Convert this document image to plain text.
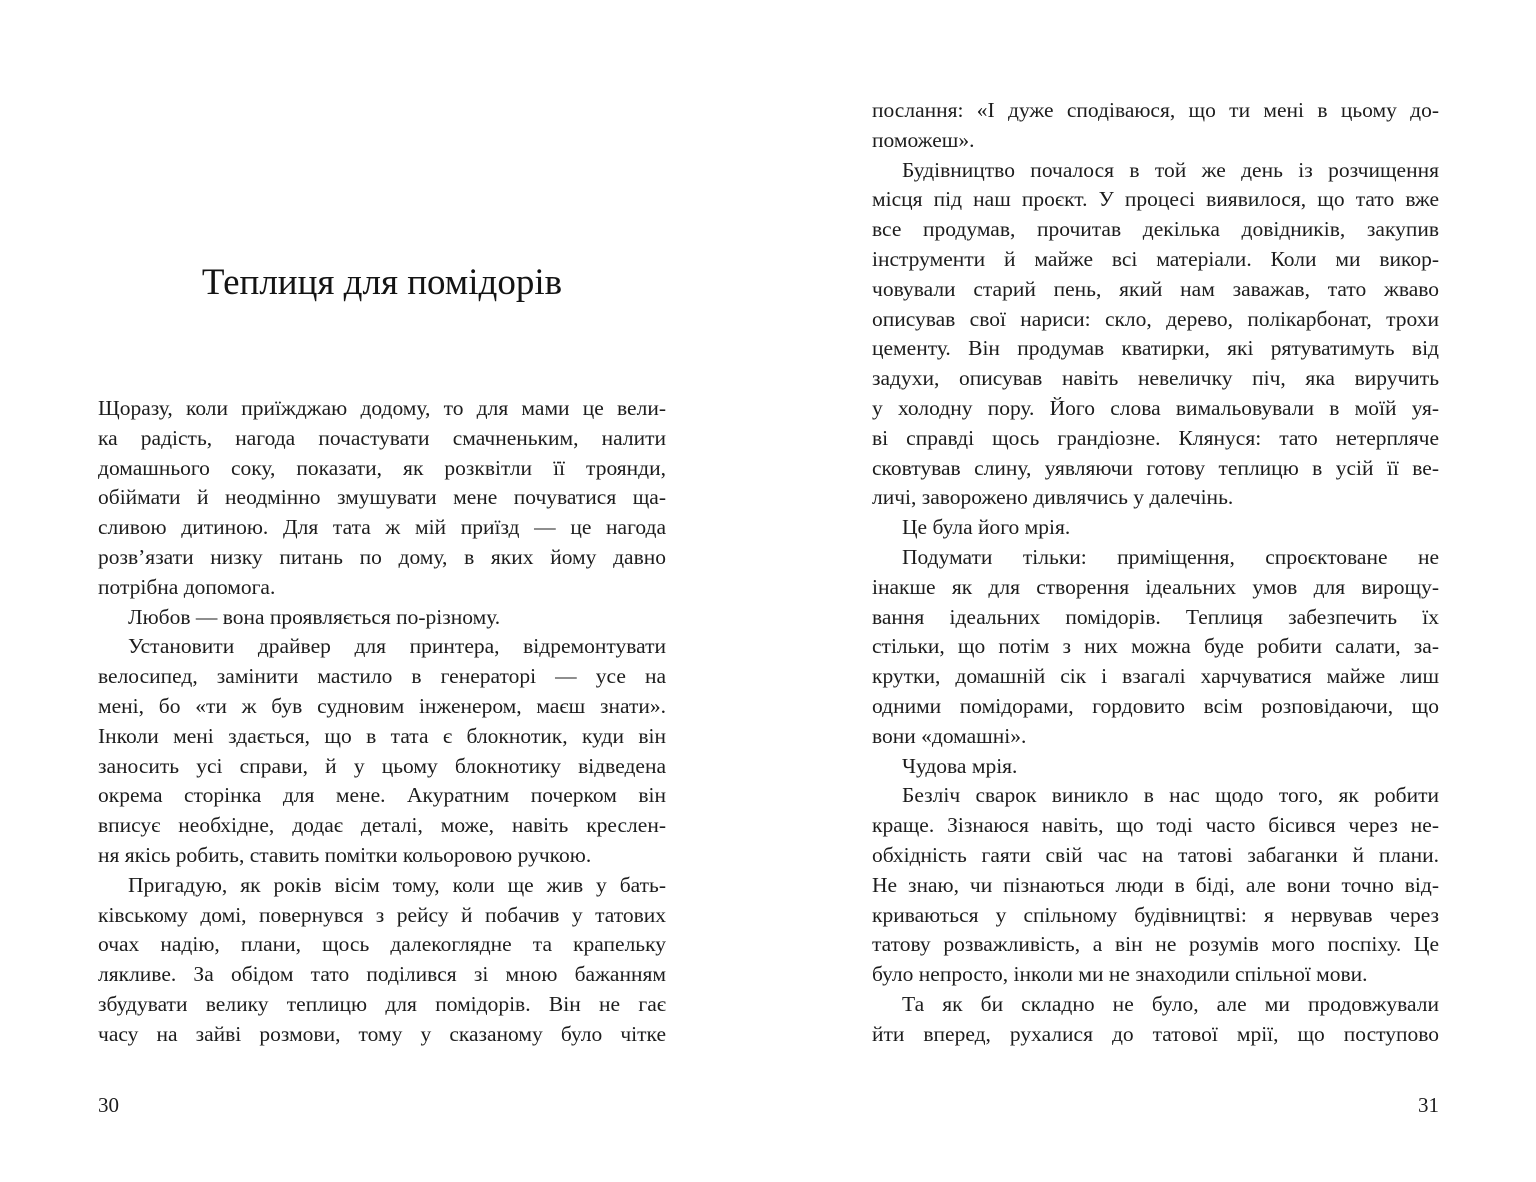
Теплиця для помідорів
Щоразу, коли приїжджаю додому, то для мами це вели-
ка радість, нагода почастувати смачненьким, налити
домашнього соку, показати, як розквітли її троянди,
обіймати й неодмінно змушувати мене почуватися ща-
сливою дитиною. Для тата ж мій приїзд — це нагода
розв’язати низку питань по дому, в яких йому давно
потрібна допомога.
Любов — вона проявляється по-різному.
Установити драйвер для принтера, відремонтувати
велосипед, замінити мастило в генераторі — усе на
мені, бо «ти ж був судновим інженером, маєш знати».
Інколи мені здається, що в тата є блокнотик, куди він
заносить усі справи, й у цьому блокнотику відведена
окрема сторінка для мене. Акуратним почерком він
вписує необхідне, додає деталі, може, навіть креслен-
ня якісь робить, ставить помітки кольоровою ручкою.
Пригадую, як років вісім тому, коли ще жив у бать-
ківському домі, повернувся з рейсу й побачив у татових
очах надію, плани, щось далекоглядне та крапельку
лякливе. За обідом тато поділився зі мною бажанням
збудувати велику теплицю для помідорів. Він не гає
часу на зайві розмови, тому у сказаному було чітке
30
послання: «І дуже сподіваюся, що ти мені в цьому до-
поможеш».
Будівництво почалося в той же день із розчищення
місця під наш проєкт. У процесі виявилося, що тато вже
все продумав, прочитав декілька довідників, закупив
інструменти й майже всі матеріали. Коли ми викор-
човували старий пень, який нам заважав, тато жваво
описував свої нариси: скло, дерево, полікарбонат, трохи
цементу. Він продумав кватирки, які рятуватимуть від
задухи, описував навіть невеличку піч, яка виручить
у холодну пору. Його слова вимальовували в моїй уя-
ві справді щось грандіозне. Клянуся: тато нетерпляче
сковтував слину, уявляючи готову теплицю в усій її ве-
личі, заворожено дивлячись у далечінь.
Це була його мрія.
Подумати тільки: приміщення, спроєктоване не
інакше як для створення ідеальних умов для вирощу-
вання ідеальних помідорів. Теплиця забезпечить їх
стільки, що потім з них можна буде робити салати, за-
крутки, домашній сік і взагалі харчуватися майже лиш
одними помідорами, гордовито всім розповідаючи, що
вони «домашні».
Чудова мрія.
Безліч сварок виникло в нас щодо того, як робити
краще. Зізнаюся навіть, що тоді часто бісився через не-
обхідність гаяти свій час на татові забаганки й плани.
Не знаю, чи пізнаються люди в біді, але вони точно від-
криваються у спільному будівництві: я нервував через
татову розважливість, а він не розумів мого поспіху. Це
було непросто, інколи ми не знаходили спільної мови.
Та як би складно не було, але ми продовжували
йти вперед, рухалися до татової мрії, що поступово
31
